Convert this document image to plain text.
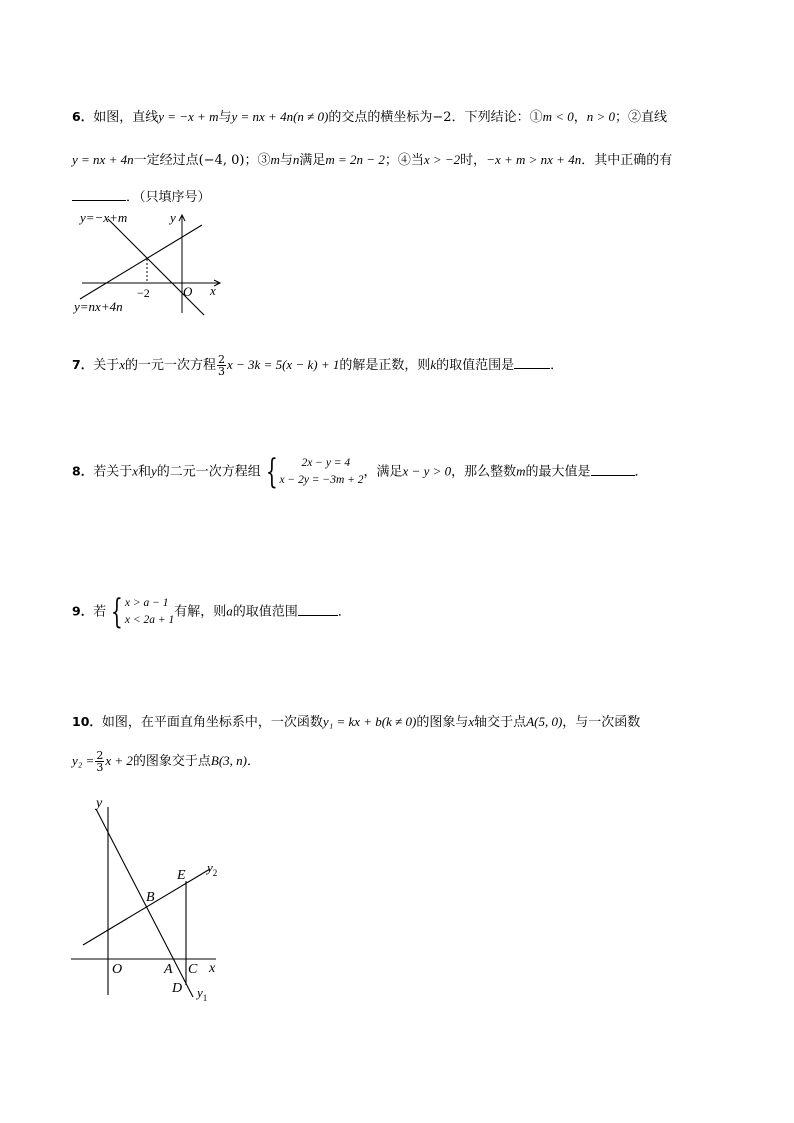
6．如图，直线y = −x + m与y = nx + 4n(n ≠ 0)的交点的横坐标为−2．下列结论：①m < 0，n > 0；②直线
y = nx + 4n一定经过点(−4, 0)；③m与n满足m = 2n − 2；④当x > −2时，−x + m > nx + 4n．其中正确的有
．（只填序号）
y=−x+m	y
−2	O x
y=nx+4n
7．关于x的一元一次方程 $\frac{2}{3}$ x − 3k = 5(x − k) + 1的解是正数，则k的取值范围是	．
8．若关于x和y的二元一次方程组 {	2x − y = 4
x − 2y = −3m + 2
，满足x − y > 0，那么整数m的最大值是	．
9．若 { x > a − 1
x < 2a + 1
有解，则a的取值范围	．
10．如图，在平面直角坐标系中，一次函数y₁ = kx + b(k ≠ 0)的图象与x轴交于点A(5, 0)，与一次函数
$y_2 = \frac{2}{3}$ x + 2的图象交于点B(3, n)．
y
O	A C x
D
B
E
$y_2$
$y_1$
